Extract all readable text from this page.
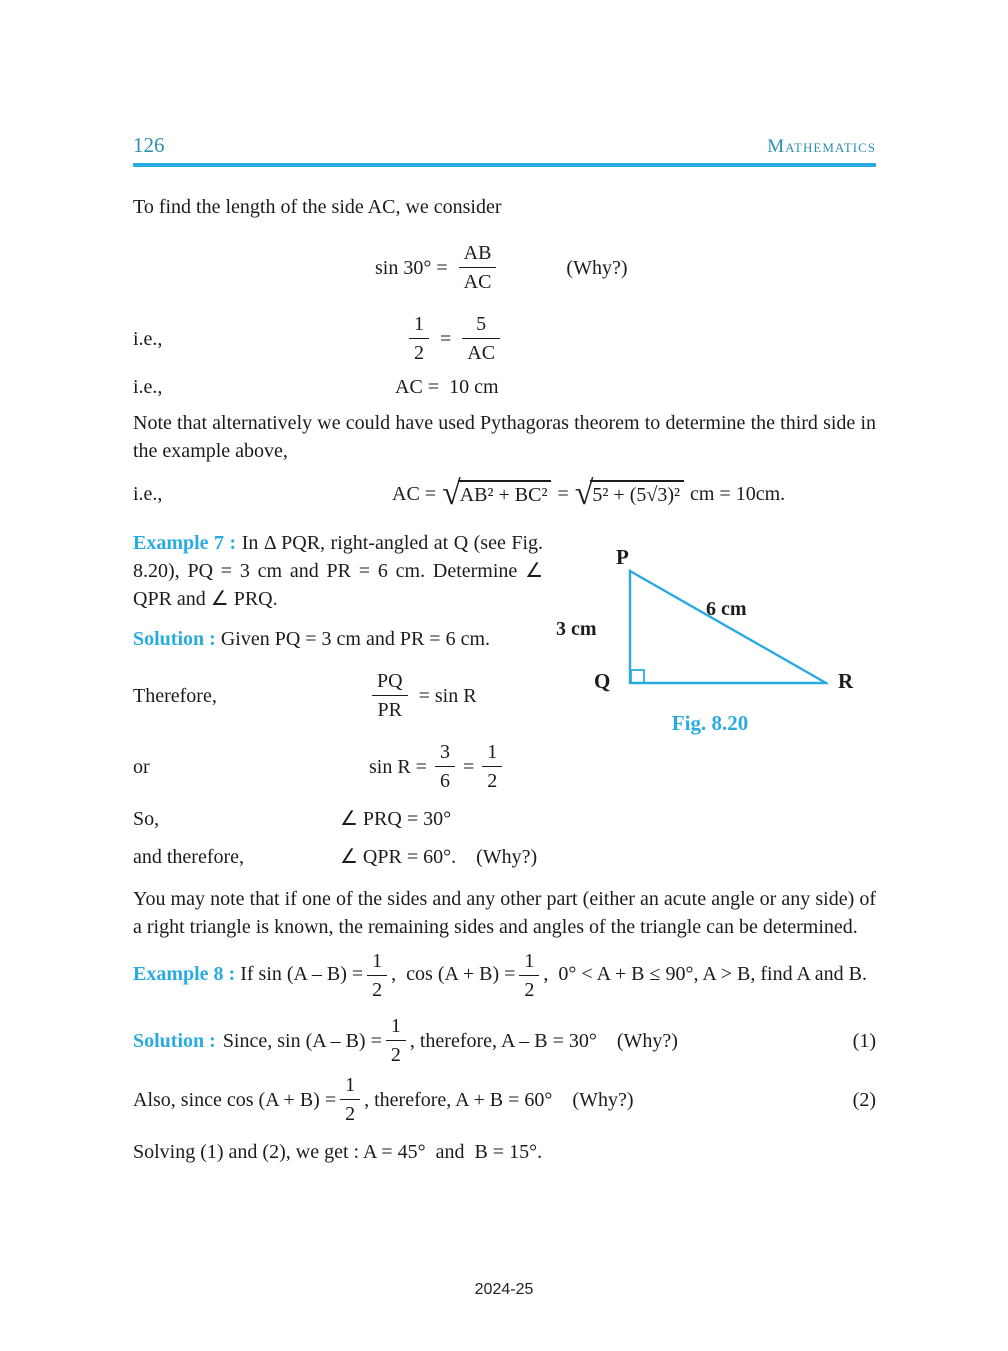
126	Mathematics

To find the length of the side AC, we consider

$\sin 30^\circ = \frac{AB}{AC}$	(Why?)
i.e.,	$\frac{1}{2} = \frac{5}{AC}$
i.e.,	AC =  10 cm

Note that alternatively we could have used Pythagoras theorem to determine the third side in the example above,

i.e.,	AC = √ AB² + BC² = √ 5² + (5√3)² cm = 10cm.

Example 7 : In Δ PQR, right-angled at Q (see Fig. 8.20), PQ = 3 cm and PR = 6 cm. Determine ∠ QPR and ∠ PRQ.

Solution : Given PQ = 3 cm and PR = 6 cm.

P
Q	R
3 cm
6 cm
Fig. 8.20
Therefore,	$\frac{PQ}{PR} = \sin R$
or	$\sin R = \frac{3}{6} = \frac{1}{2}$
So,	∠ PRQ = 30°
and therefore,	∠ QPR = 60°.    (Why?)

You may note that if one of the sides and any other part (either an acute angle or any side) of a right triangle is known, the remaining sides and angles of the triangle can be determined.

Example 8 : If $\sin (A - B) = \frac{1}{2}$ ,  $\cos (A + B) = \frac{1}{2}$ ,  0° < A + B ≤ 90°, A > B, find A and B.

Solution : Since, $\sin (A - B) = \frac{1}{2}$ , therefore, A – B = 30°    (Why?)	(1)
Also, since $\cos (A + B) = \frac{1}{2}$ , therefore, A + B = 60°    (Why?)	(2)

Solving (1) and (2), we get : A = 45°  and  B = 15°.

2024-25
